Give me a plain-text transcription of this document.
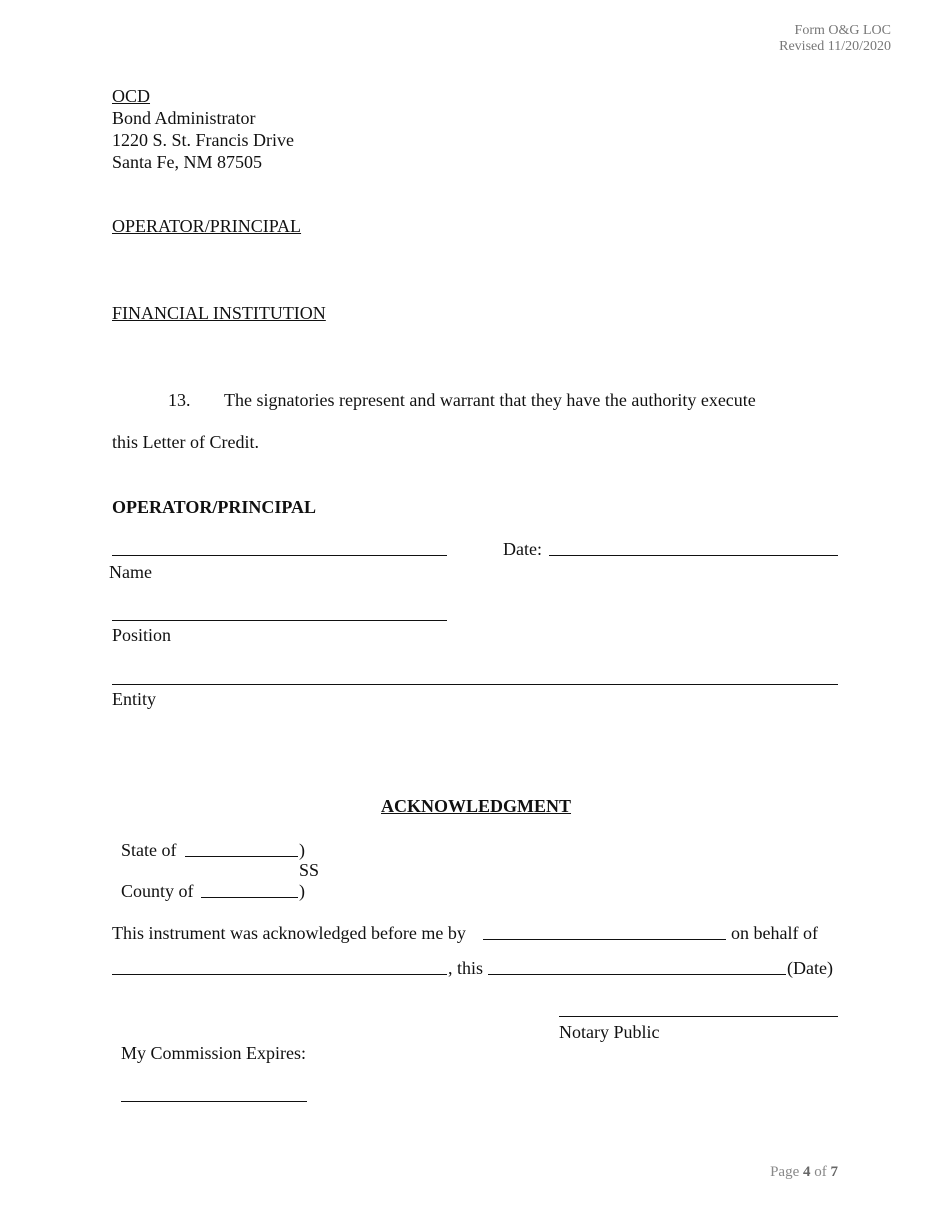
Form O&G LOC
Revised 11/20/2020
OCD
Bond Administrator
1220 S. St. Francis Drive
Santa Fe, NM 87505
OPERATOR/PRINCIPAL
FINANCIAL INSTITUTION
13. The signatories represent and warrant that they have the authority execute
this Letter of Credit.
OPERATOR/PRINCIPAL
Date:
Name
Position
Entity
ACKNOWLEDGMENT
State of	)
SS
County of	)
This instrument was acknowledged before me by	on behalf of
, this	(Date)
Notary Public
My Commission Expires:
Page 4 of 7
